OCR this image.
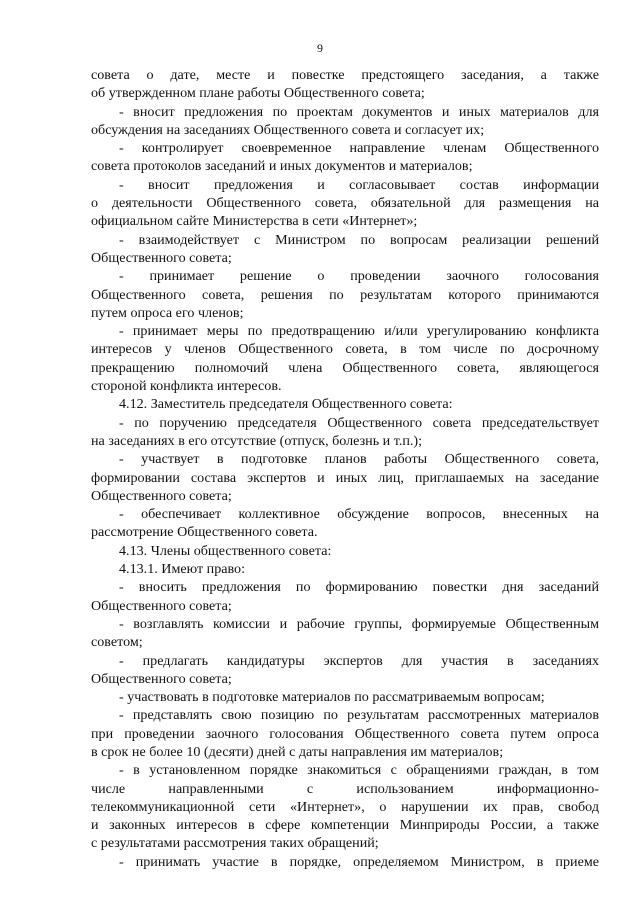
9
совета о дате, месте и повестке предстоящего заседания, а также
об утвержденном плане работы Общественного совета;
- вносит предложения по проектам документов и иных материалов для
обсуждения на заседаниях Общественного совета и согласует их;
- контролирует своевременное направление членам Общественного
совета протоколов заседаний и иных документов и материалов;
- вносит предложения и согласовывает состав информации
о деятельности Общественного совета, обязательной для размещения на
официальном сайте Министерства в сети «Интернет»;
- взаимодействует с Министром по вопросам реализации решений
Общественного совета;
- принимает решение о проведении заочного голосования
Общественного совета, решения по результатам которого принимаются
путем опроса его членов;
- принимает меры по предотвращению и/или урегулированию конфликта
интересов у членов Общественного совета, в том числе по досрочному
прекращению полномочий члена Общественного совета, являющегося
стороной конфликта интересов.
4.12. Заместитель председателя Общественного совета:
- по поручению председателя Общественного совета председательствует
на заседаниях в его отсутствие (отпуск, болезнь и т.п.);
- участвует в подготовке планов работы Общественного совета,
формировании состава экспертов и иных лиц, приглашаемых на заседание
Общественного совета;
- обеспечивает коллективное обсуждение вопросов, внесенных на
рассмотрение Общественного совета.
4.13. Члены общественного совета:
4.13.1. Имеют право:
- вносить предложения по формированию повестки дня заседаний
Общественного совета;
- возглавлять комиссии и рабочие группы, формируемые Общественным
советом;
- предлагать кандидатуры экспертов для участия в заседаниях
Общественного совета;
- участвовать в подготовке материалов по рассматриваемым вопросам;
- представлять свою позицию по результатам рассмотренных материалов
при проведении заочного голосования Общественного совета путем опроса
в срок не более 10 (десяти) дней с даты направления им материалов;
- в установленном порядке знакомиться с обращениями граждан, в том
числе направленными с использованием информационно-
телекоммуникационной сети «Интернет», о нарушении их прав, свобод
и законных интересов в сфере компетенции Минприроды России, а также
с результатами рассмотрения таких обращений;
- принимать участие в порядке, определяемом Министром, в приеме
